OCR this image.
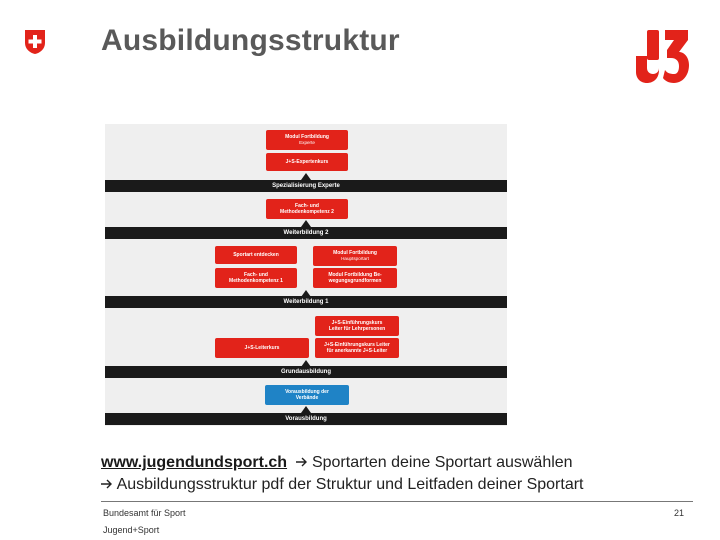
Ausbildungsstruktur
Modul Fortbildung
Experte
J+S-Expertenkurs
Spezialisierung Experte
Fach- und
Methodenkompetenz 2
Weiterbildung 2
Sportart entdecken	Modul Fortbildung
Hauptsportart
Fach- und
Methodenkompetenz 1
Modul Fortbildung Be-
wegungsgrundformen
Weiterbildung 1
J+S-Einführungskurs
Leiter für Lehrpersonen
J+S-Leiterkurs	J+S-Einführungskurs Leiter
für anerkannte J+S-Leiter
Grundausbildung
Vorausbildung der
Verbände
Vorausbildung
www.jugendundsport.ch  Sportarten deine Sportart auswählen
Ausbildungsstruktur pdf der Struktur und Leitfaden deiner Sportart
Bundesamt für Sport
Jugend+Sport
21
